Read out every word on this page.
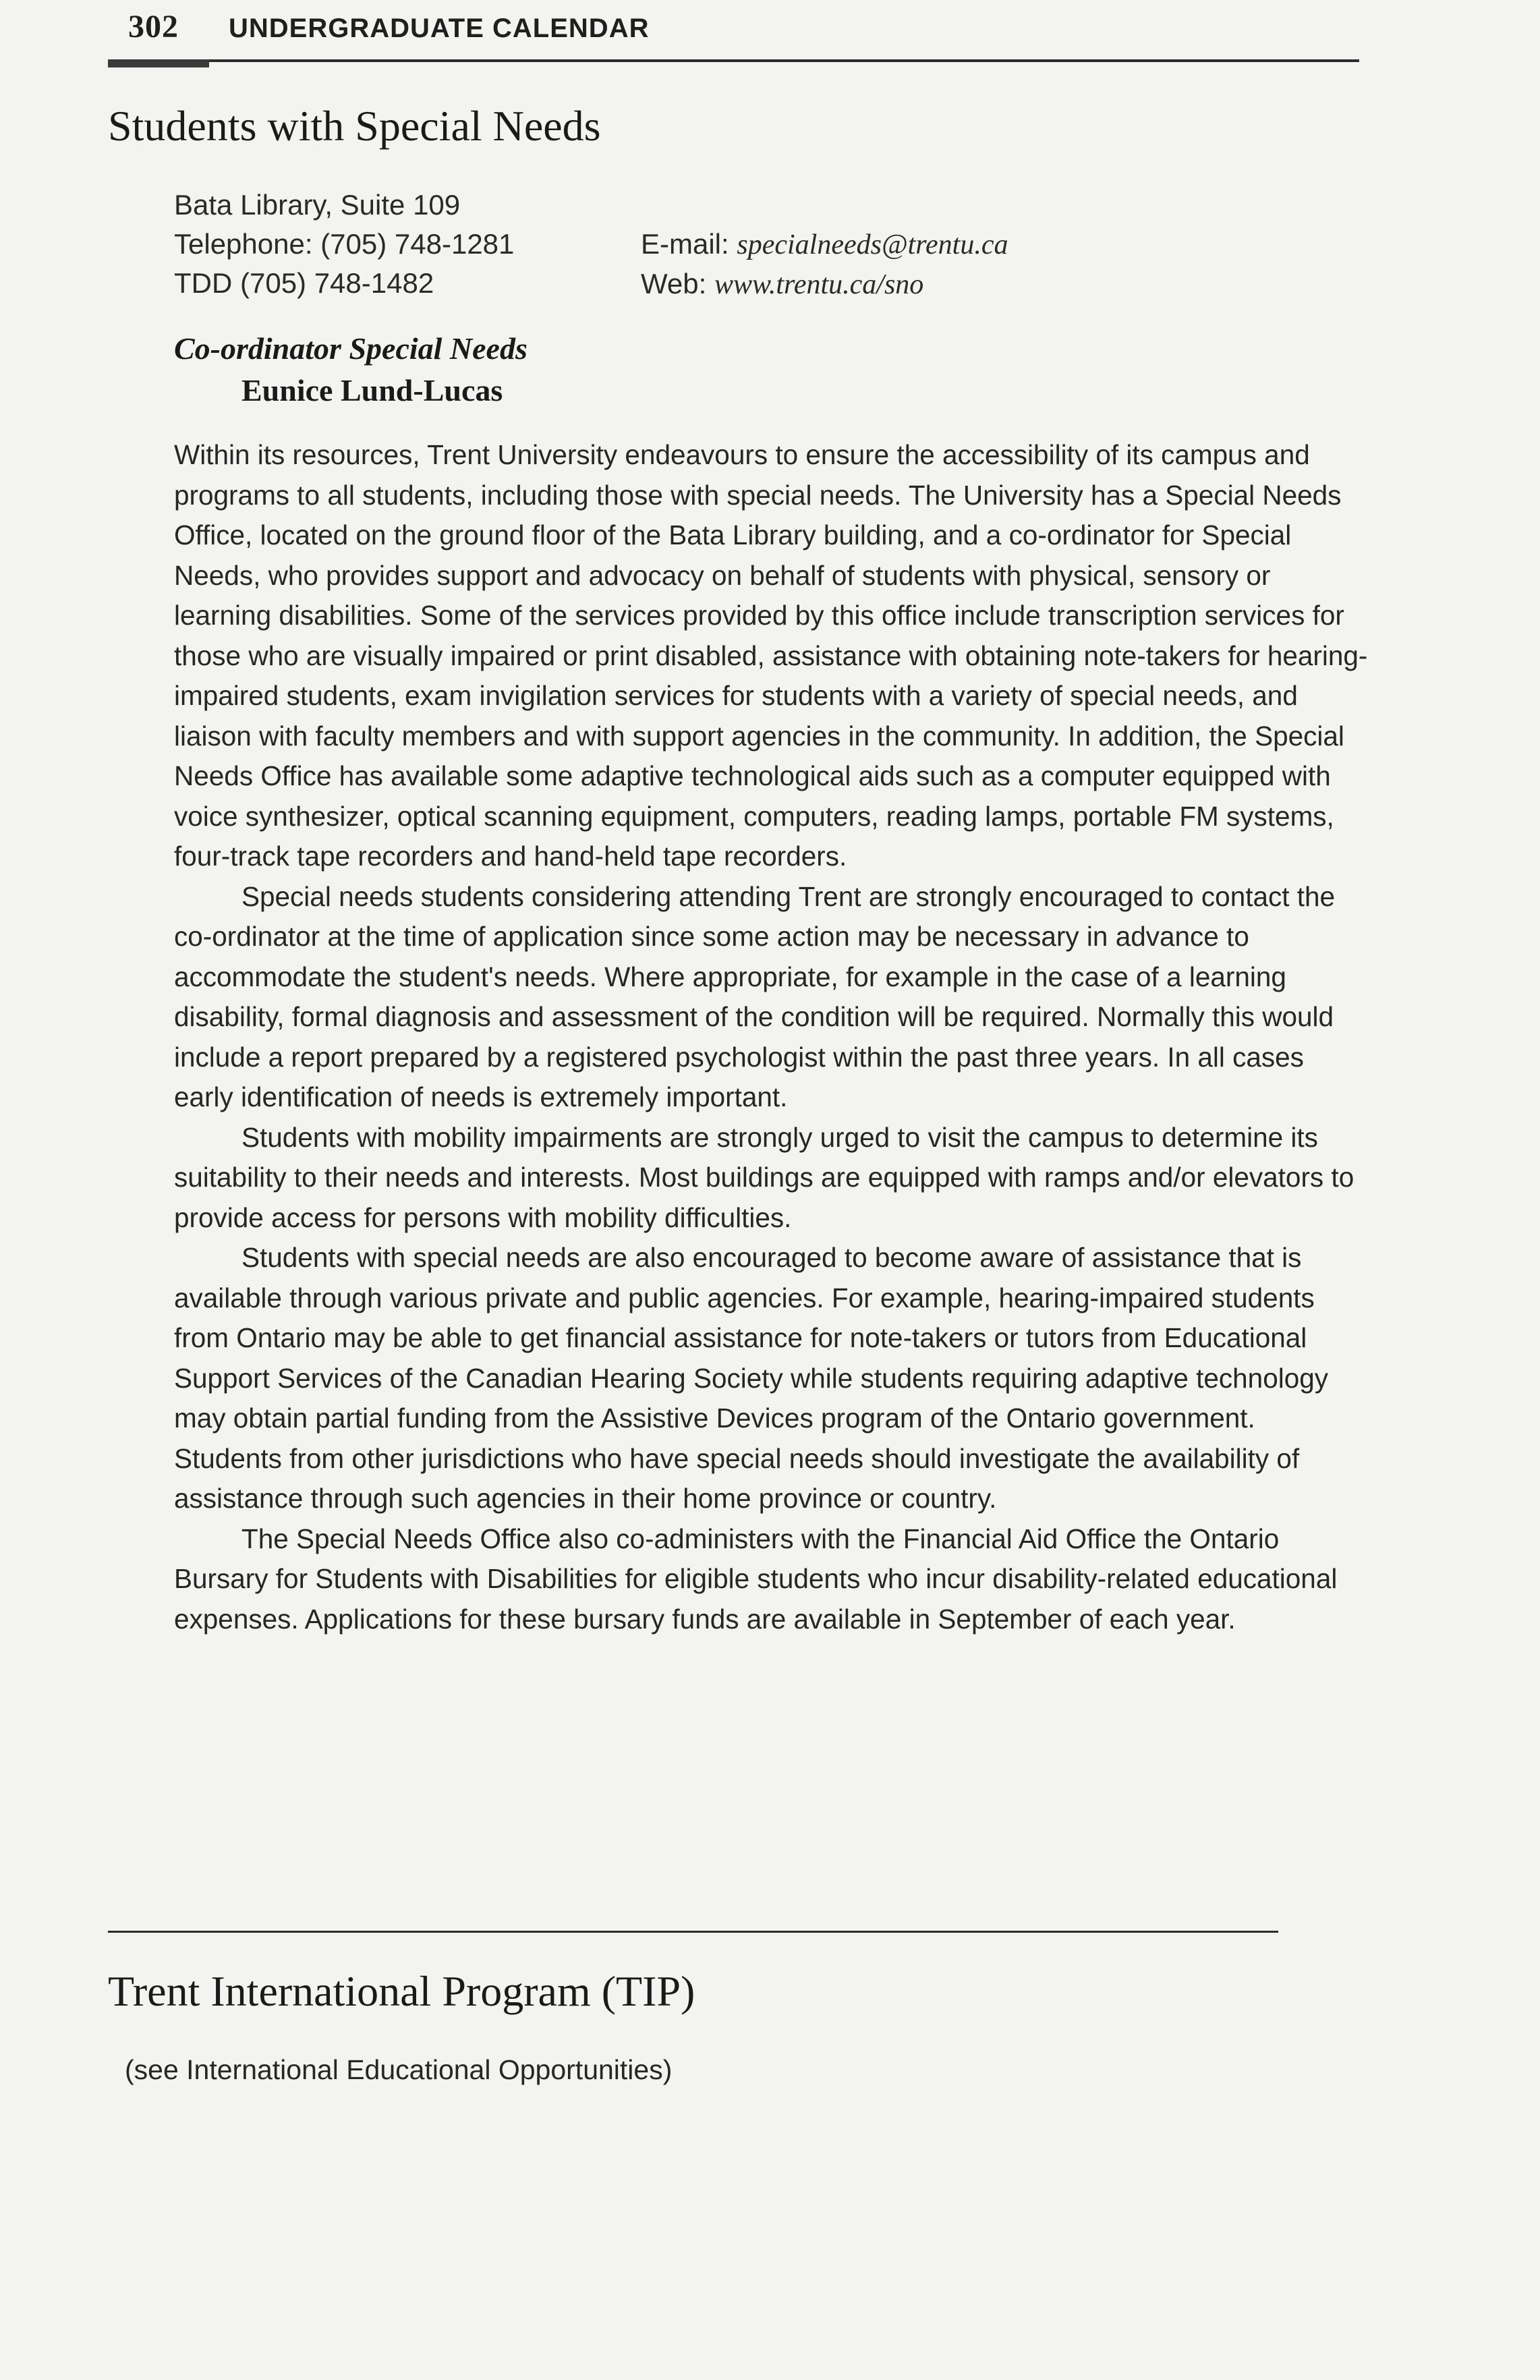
302 UNDERGRADUATE CALENDAR
Students with Special Needs
Bata Library, Suite 109
Telephone: (705) 748-1281
TDD (705) 748-1482
E-mail: specialneeds@trentu.ca
Web: www.trentu.ca/sno
Co-ordinator Special Needs
Eunice Lund-Lucas

Within its resources, Trent University endeavours to ensure the accessibility of its campus and programs to all students, including those with special needs. The University has a Special Needs Office, located on the ground floor of the Bata Library building, and a co-ordinator for Special Needs, who provides support and advocacy on behalf of students with physical, sensory or learning disabilities. Some of the services provided by this office include transcription services for those who are visually impaired or print disabled, assistance with obtaining note-takers for hearing-impaired students, exam invigilation services for students with a variety of special needs, and liaison with faculty members and with support agencies in the community. In addition, the Special Needs Office has available some adaptive technological aids such as a computer equipped with voice synthesizer, optical scanning equipment, computers, reading lamps, portable FM systems, four-track tape recorders and hand-held tape recorders.

Special needs students considering attending Trent are strongly encouraged to contact the co-ordinator at the time of application since some action may be necessary in advance to accommodate the student's needs. Where appropriate, for example in the case of a learning disability, formal diagnosis and assessment of the condition will be required. Normally this would include a report prepared by a registered psychologist within the past three years. In all cases early identification of needs is extremely important.

Students with mobility impairments are strongly urged to visit the campus to determine its suitability to their needs and interests. Most buildings are equipped with ramps and/or elevators to provide access for persons with mobility difficulties.

Students with special needs are also encouraged to become aware of assistance that is available through various private and public agencies. For example, hearing-impaired students from Ontario may be able to get financial assistance for note-takers or tutors from Educational Support Services of the Canadian Hearing Society while students requiring adaptive technology may obtain partial funding from the Assistive Devices program of the Ontario government. Students from other jurisdictions who have special needs should investigate the availability of assistance through such agencies in their home province or country.

The Special Needs Office also co-administers with the Financial Aid Office the Ontario Bursary for Students with Disabilities for eligible students who incur disability-related educational expenses. Applications for these bursary funds are available in September of each year.

Trent International Program (TIP)
(see International Educational Opportunities)
